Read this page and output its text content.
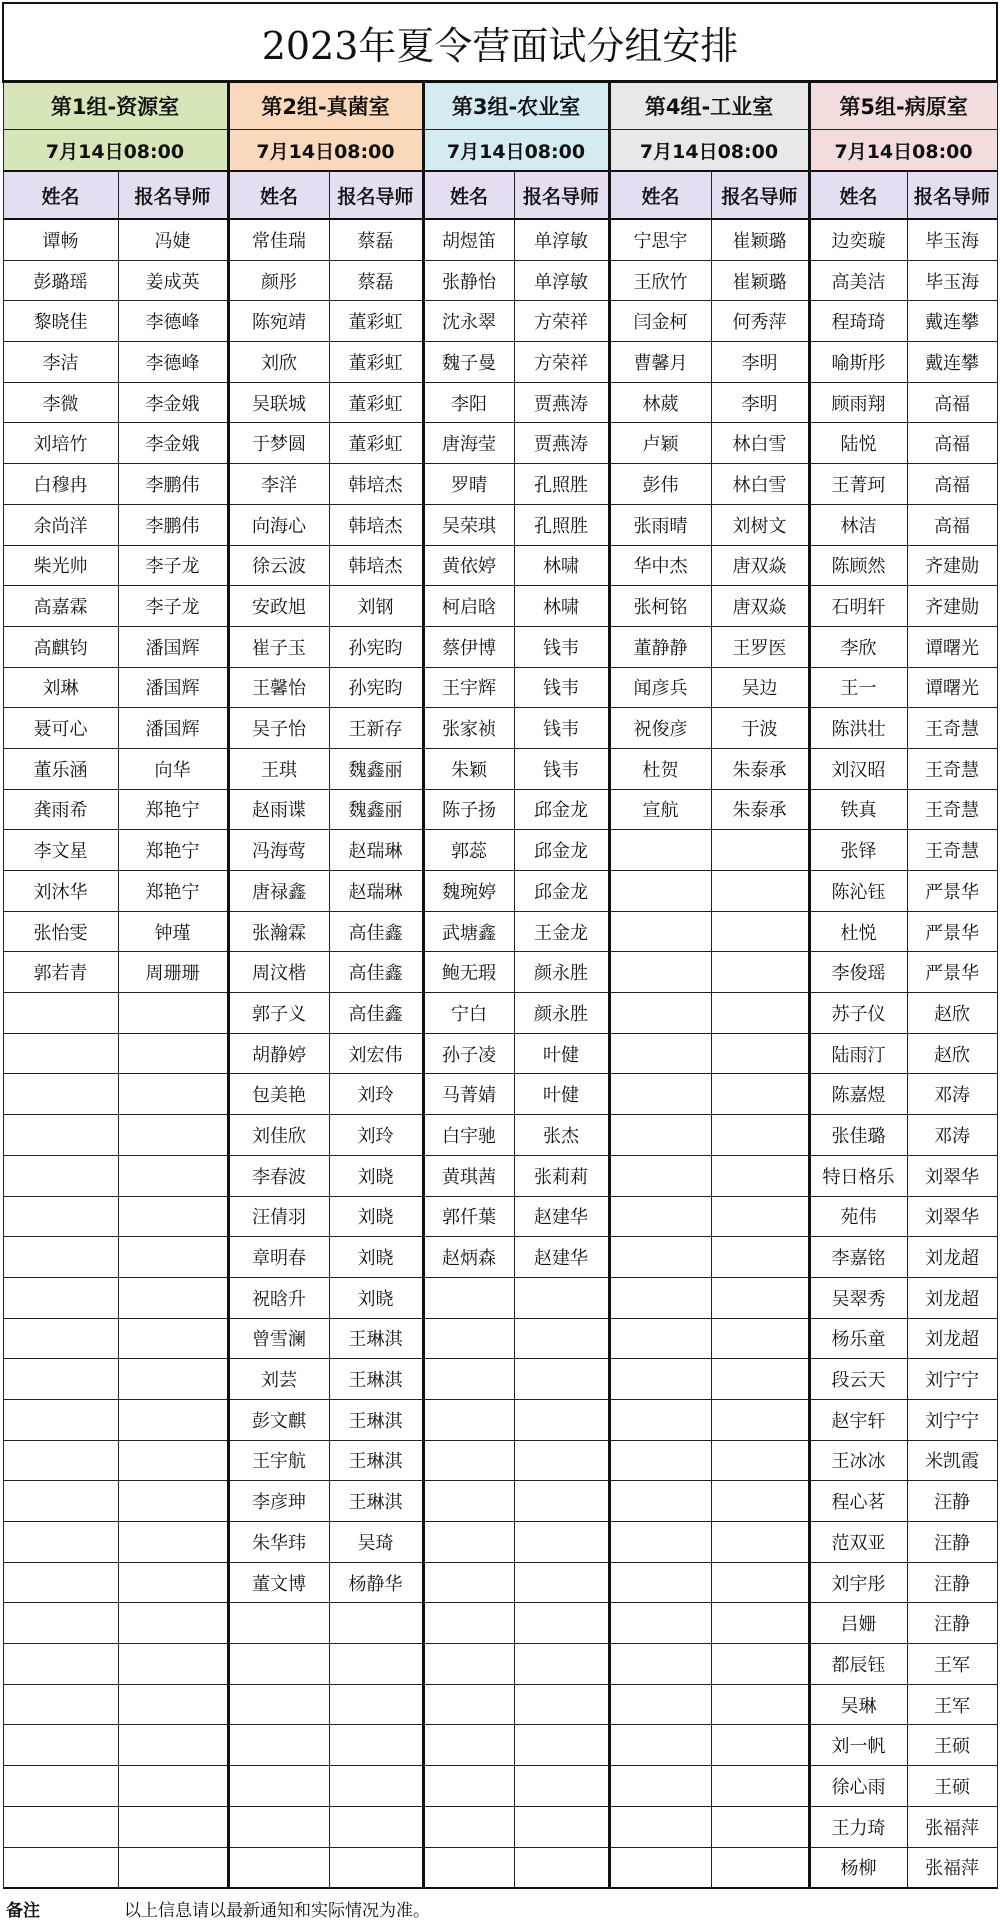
2023年夏令营面试分组安排									
第1组-资源室		第2组-真菌室		第3组-农业室		第4组-工业室		第5组-病原室	
7月14日08:00		7月14日08:00		7月14日08:00		7月14日08:00		7月14日08:00	
姓名	报名导师	姓名	报名导师	姓名	报名导师	姓名	报名导师	姓名	报名导师
谭畅	冯婕	常佳瑞	蔡磊	胡煜笛	单淳敏	宁思宇	崔颖璐	边奕璇	毕玉海
彭璐瑶	姜成英	颜彤	蔡磊	张静怡	单淳敏	王欣竹	崔颖璐	高美洁	毕玉海
黎晓佳	李德峰	陈宛靖	董彩虹	沈永翠	方荣祥	闫金柯	何秀萍	程琦琦	戴连攀
李洁	李德峰	刘欣	董彩虹	魏子曼	方荣祥	曹馨月	李明	喻斯彤	戴连攀
李微	李金娥	吴联城	董彩虹	李阳	贾燕涛	林葳	李明	顾雨翔	高福
刘培竹	李金娥	于梦圆	董彩虹	唐海莹	贾燕涛	卢颖	林白雪	陆悦	高福
白穆冉	李鹏伟	李洋	韩培杰	罗晴	孔照胜	彭伟	林白雪	王菁珂	高福
余尚洋	李鹏伟	向海心	韩培杰	吴荣琪	孔照胜	张雨晴	刘树文	林洁	高福
柴光帅	李子龙	徐云波	韩培杰	黄依婷	林啸	华中杰	唐双焱	陈顾然	齐建勋
高嘉霖	李子龙	安政旭	刘钢	柯启晗	林啸	张柯铭	唐双焱	石明轩	齐建勋
高麒钧	潘国辉	崔子玉	孙宪昀	蔡伊博	钱韦	董静静	王罗医	李欣	谭曙光
刘琳	潘国辉	王馨怡	孙宪昀	王宇辉	钱韦	闻彦兵	吴边	王一	谭曙光
聂可心	潘国辉	吴子怡	王新存	张家祯	钱韦	祝俊彦	于波	陈洪壮	王奇慧
董乐涵	向华	王琪	魏鑫丽	朱颖	钱韦	杜贺	朱泰承	刘汉昭	王奇慧
龚雨希	郑艳宁	赵雨谍	魏鑫丽	陈子扬	邱金龙	宣航	朱泰承	铁真	王奇慧
李文星	郑艳宁	冯海莺	赵瑞琳	郭蕊	邱金龙			张铎	王奇慧
刘沐华	郑艳宁	唐禄鑫	赵瑞琳	魏琬婷	邱金龙			陈沁钰	严景华
张怡雯	钟瑾	张瀚霖	高佳鑫	武塘鑫	王金龙			杜悦	严景华
郭若青	周珊珊	周汶楷	高佳鑫	鲍无瑕	颜永胜			李俊瑶	严景华
		郭子义	高佳鑫	宁白	颜永胜			苏子仪	赵欣
		胡静婷	刘宏伟	孙子凌	叶健			陆雨汀	赵欣
		包美艳	刘玲	马菁婧	叶健			陈嘉煜	邓涛
		刘佳欣	刘玲	白宇驰	张杰			张佳璐	邓涛
		李春波	刘晓	黄琪茜	张莉莉			特日格乐	刘翠华
		汪倩羽	刘晓	郭仟葉	赵建华			苑伟	刘翠华
		章明春	刘晓	赵炳森	赵建华			李嘉铭	刘龙超
		祝晗升	刘晓					吴翠秀	刘龙超
		曾雪澜	王琳淇					杨乐童	刘龙超
		刘芸	王琳淇					段云天	刘宁宁
		彭文麒	王琳淇					赵宇轩	刘宁宁
		王宇航	王琳淇					王冰冰	米凯霞
		李彦珅	王琳淇					程心茗	汪静
		朱华玮	吴琦					范双亚	汪静
		董文博	杨静华					刘宇彤	汪静
								吕姗	汪静
								都辰钰	王军
								吴琳	王军
								刘一帆	王硕
								徐心雨	王硕
								王力琦	张福萍
								杨柳	张福萍
备注	以上信息请以最新通知和实际情况为准。
